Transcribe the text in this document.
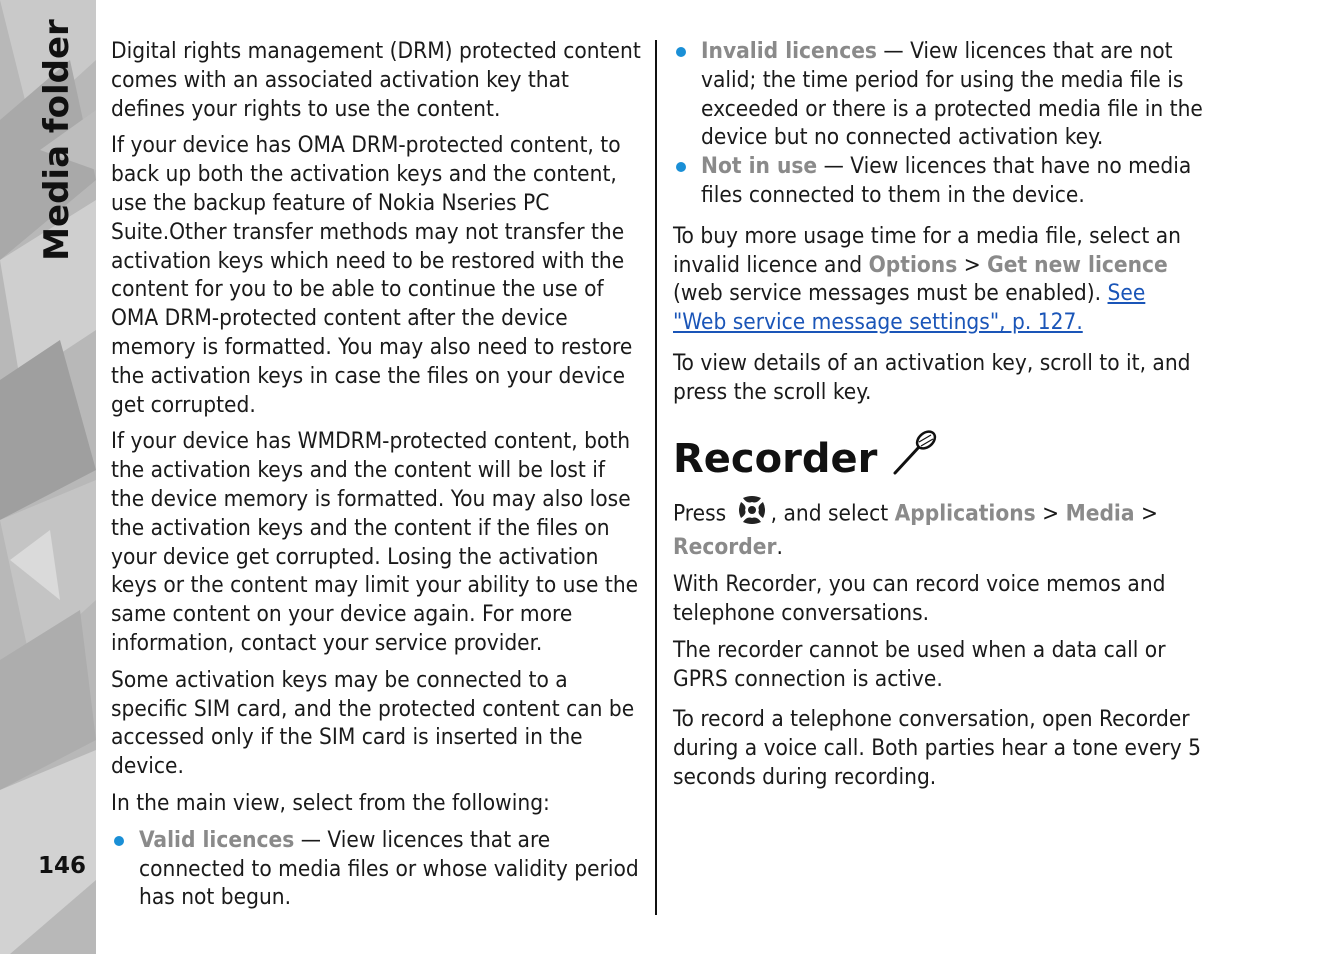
Media folder
146

Digital rights management (DRM) protected content comes with an associated activation key that defines your rights to use the content.

If your device has OMA DRM-protected content, to back up both the activation keys and the content, use the backup feature of Nokia Nseries PC Suite.Other transfer methods may not transfer the activation keys which need to be restored with the content for you to be able to continue the use of OMA DRM-protected content after the device memory is formatted. You may also need to restore the activation keys in case the files on your device get corrupted.

If your device has WMDRM-protected content, both the activation keys and the content will be lost if the device memory is formatted. You may also lose the activation keys and the content if the files on your device get corrupted. Losing the activation keys or the content may limit your ability to use the same content on your device again. For more information, contact your service provider.

Some activation keys may be connected to a specific SIM card, and the protected content can be accessed only if the SIM card is inserted in the device.

In the main view, select from the following:

Valid licences — View licences that are connected to media files or whose validity period has not begun.
Invalid licences — View licences that are not valid; the time period for using the media file is exceeded or there is a protected media file in the device but no connected activation key.
Not in use — View licences that have no media files connected to them in the device.

To buy more usage time for a media file, select an invalid licence and Options > Get new licence (web service messages must be enabled). See "Web service message settings", p. 127.

To view details of an activation key, scroll to it, and press the scroll key.

Recorder

Press , and select Applications > Media > Recorder.

With Recorder, you can record voice memos and telephone conversations.

The recorder cannot be used when a data call or GPRS connection is active.

To record a telephone conversation, open Recorder during a voice call. Both parties hear a tone every 5 seconds during recording.
